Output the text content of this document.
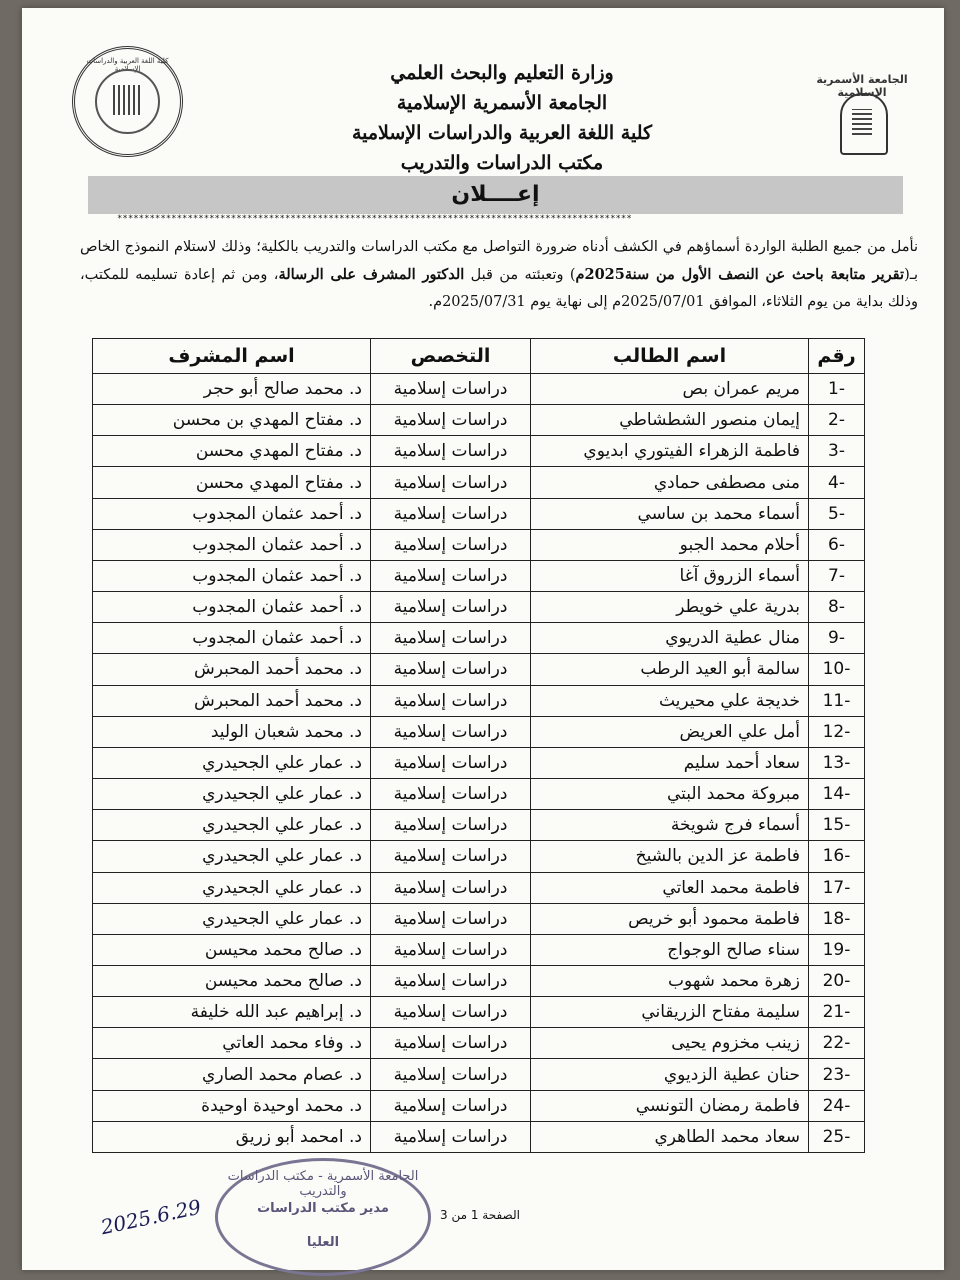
كلية اللغة العربية والدراسات الإسلامية
الجامعة الأسمرية الإسلامية
وزارة التعليم والبحث العلمي
الجامعة الأسمرية الإسلامية
كلية اللغة العربية والدراسات الإسلامية
مكتب الدراسات والتدريب
إعــــلان
***********************************************************************************************
نأمل من جميع الطلبة الواردة أسماؤهم في الكشف أدناه ضرورة التواصل مع مكتب الدراسات والتدريب بالكلية؛ وذلك لاستلام النموذج الخاص بـ(تقرير متابعة باحث عن النصف الأول من سنة2025م) وتعبئته من قبل الدكتور المشرف على الرسالة، ومن ثم إعادة تسليمه للمكتب، وذلك بداية من يوم الثلاثاء، الموافق 2025/07/01م إلى نهاية يوم 2025/07/31م.
رقم	اسم الطالب	التخصص	اسم المشرف
-1	مريم عمران بص	دراسات إسلامية	د. محمد صالح أبو حجر
-2	إيمان منصور الشطشاطي	دراسات إسلامية	د. مفتاح المهدي بن محسن
-3	فاطمة الزهراء الفيتوري ابديوي	دراسات إسلامية	د. مفتاح المهدي محسن
-4	منى مصطفى حمادي	دراسات إسلامية	د. مفتاح المهدي محسن
-5	أسماء محمد بن ساسي	دراسات إسلامية	د. أحمد عثمان المجدوب
-6	أحلام محمد الجبو	دراسات إسلامية	د. أحمد عثمان المجدوب
-7	أسماء الزروق آغا	دراسات إسلامية	د. أحمد عثمان المجدوب
-8	بدرية علي خويطر	دراسات إسلامية	د. أحمد عثمان المجدوب
-9	منال عطية الدريوي	دراسات إسلامية	د. أحمد عثمان المجدوب
-10	سالمة أبو العيد الرطب	دراسات إسلامية	د. محمد أحمد المحبرش
-11	خديجة علي محيريث	دراسات إسلامية	د. محمد أحمد المحبرش
-12	أمل علي العريض	دراسات إسلامية	د. محمد شعبان الوليد
-13	سعاد أحمد سليم	دراسات إسلامية	د. عمار علي الجحيدري
-14	مبروكة محمد البتي	دراسات إسلامية	د. عمار علي الجحيدري
-15	أسماء فرج شويخة	دراسات إسلامية	د. عمار علي الجحيدري
-16	فاطمة عز الدين بالشيخ	دراسات إسلامية	د. عمار علي الجحيدري
-17	فاطمة محمد العاتي	دراسات إسلامية	د. عمار علي الجحيدري
-18	فاطمة محمود أبو خريص	دراسات إسلامية	د. عمار علي الجحيدري
-19	سناء صالح الوجواج	دراسات إسلامية	د. صالح محمد محيسن
-20	زهرة محمد شهوب	دراسات إسلامية	د. صالح محمد محيسن
-21	سليمة مفتاح الزريقاني	دراسات إسلامية	د. إبراهيم عبد الله خليفة
-22	زينب مخزوم يحيى	دراسات إسلامية	د. وفاء محمد العاتي
-23	حنان عطية الزديوي	دراسات إسلامية	د. عصام محمد الصاري
-24	فاطمة رمضان التونسي	دراسات إسلامية	د. محمد اوحيدة اوحيدة
-25	سعاد محمد الطاهري	دراسات إسلامية	د. امحمد أبو زريق
الجامعة الأسمرية - مكتب الدراسات والتدريب
مدير مكتب الدراسات
العليا
2025.6.29	الصفحة 1 من 3
